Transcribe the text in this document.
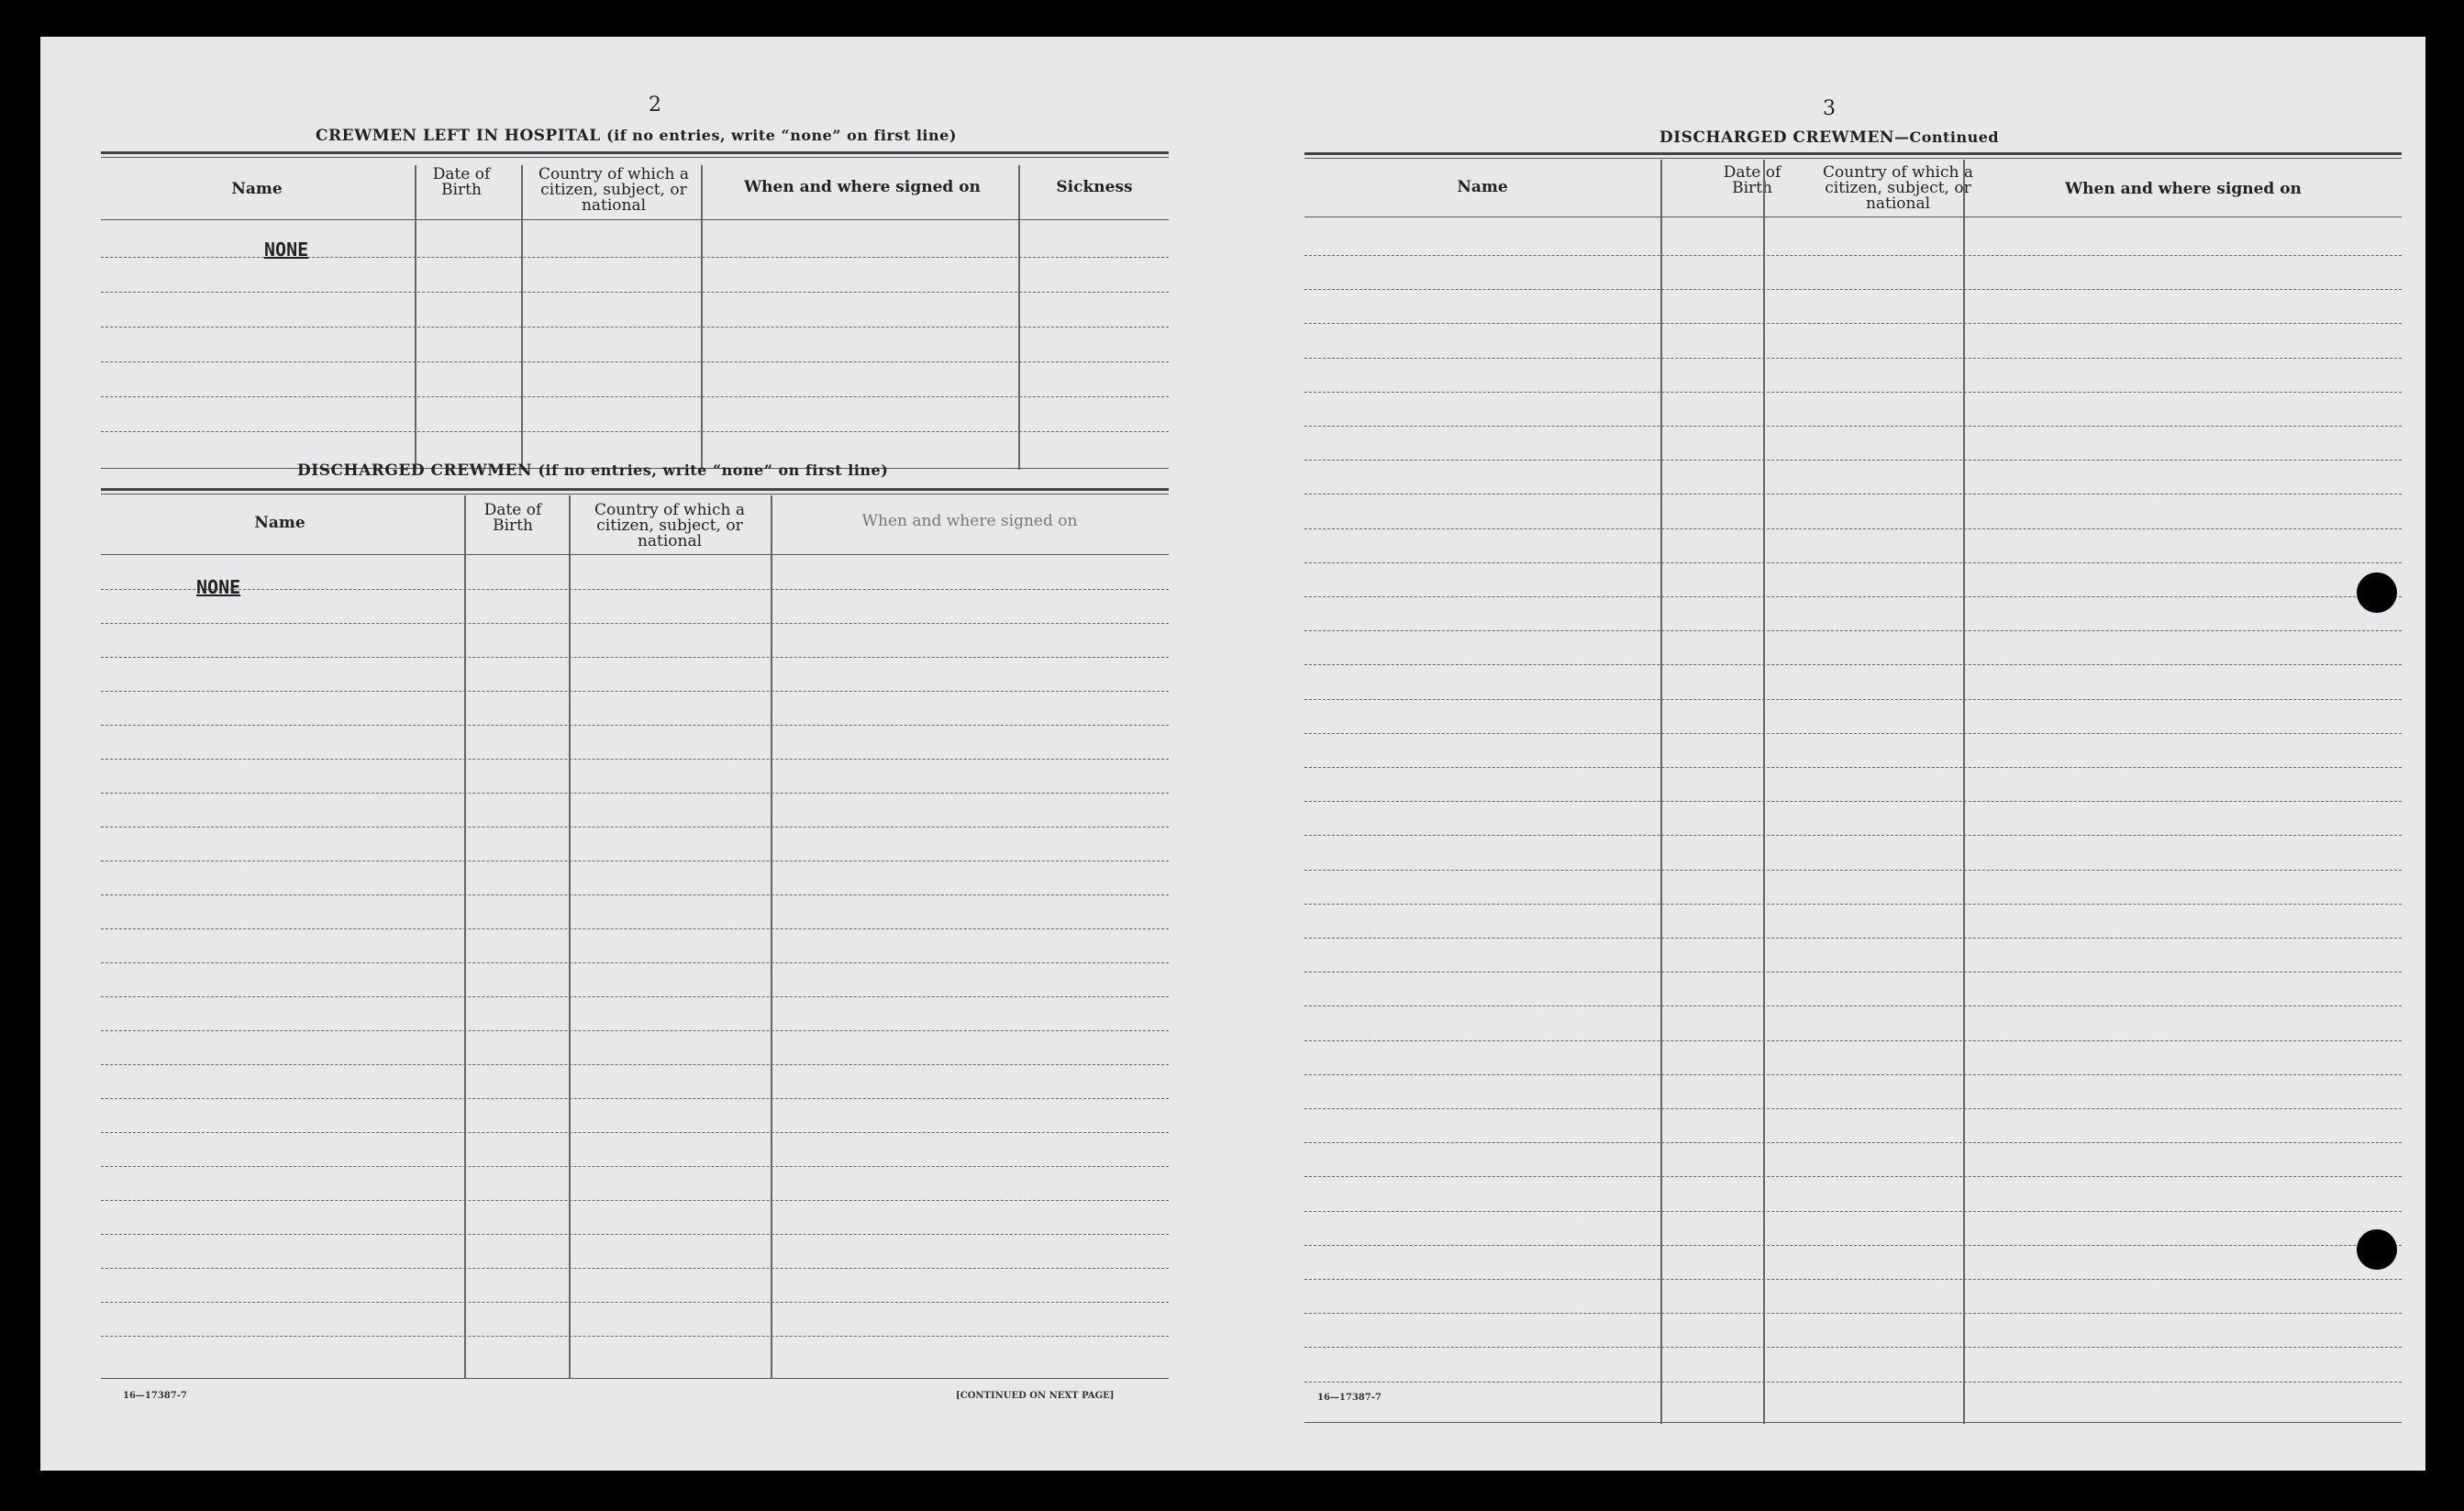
2
CREWMEN LEFT IN HOSPITAL (if no entries, write “none” on first line)
Name
Date of Birth
Country of which a citizen, subject, or national
When and where signed on	Sickness
NONE
DISCHARGED CREWMEN (if no entries, write “none” on first line)
Name
Date of Birth
Country of which a citizen, subject, or national
When and where signed on
NONE
16—17387-7	[CONTINUED ON NEXT PAGE]
3
DISCHARGED CREWMEN—Continued
Name
Date of Birth
Country of which a citizen, subject, or national
When and where signed on
16—17387-7
